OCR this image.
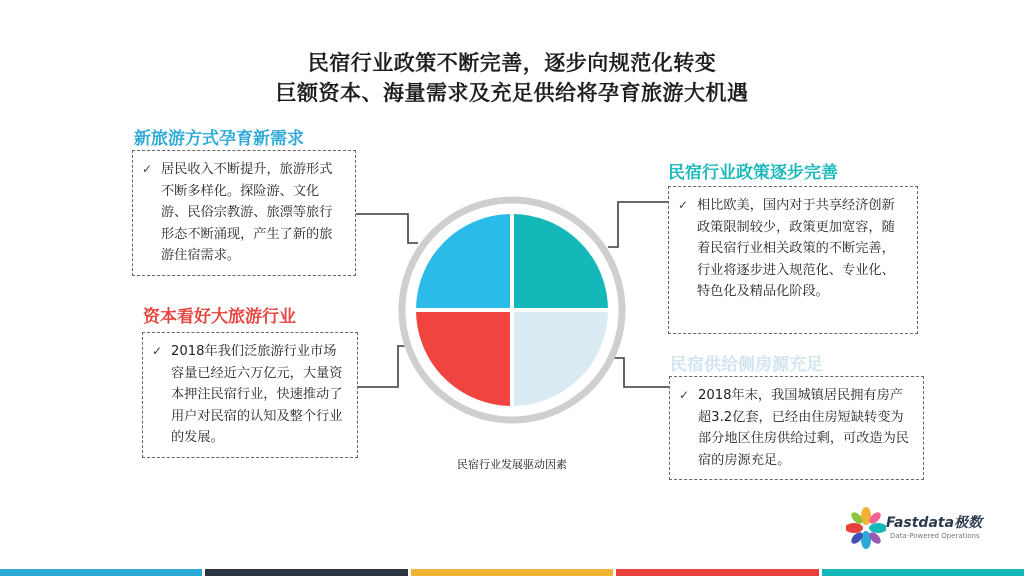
民宿行业政策不断完善，逐步向规范化转变
巨额资本、海量需求及充足供给将孕育旅游大机遇
新旅游方式孕育新需求
✓ 居民收入不断提升，旅游形式不断多样化。探险游、文化游、民俗宗教游、旅漂等旅行形态不断涌现，产生了新的旅游住宿需求。
资本看好大旅游行业
✓ 2018年我们泛旅游行业市场容量已经近六万亿元，大量资本押注民宿行业，快速推动了用户对民宿的认知及整个行业的发展。
民宿行业政策逐步完善
✓ 相比欧美，国内对于共享经济创新政策限制较少，政策更加宽容，随着民宿行业相关政策的不断完善，行业将逐步进入规范化、专业化、特色化及精品化阶段。
民宿供给侧房源充足
✓ 2018年末，我国城镇居民拥有房产超3.2亿套，已经由住房短缺转变为部分地区住房供给过剩，可改造为民宿的房源充足。
民宿行业发展驱动因素
Fastdata极数
Data-Powered Operations
